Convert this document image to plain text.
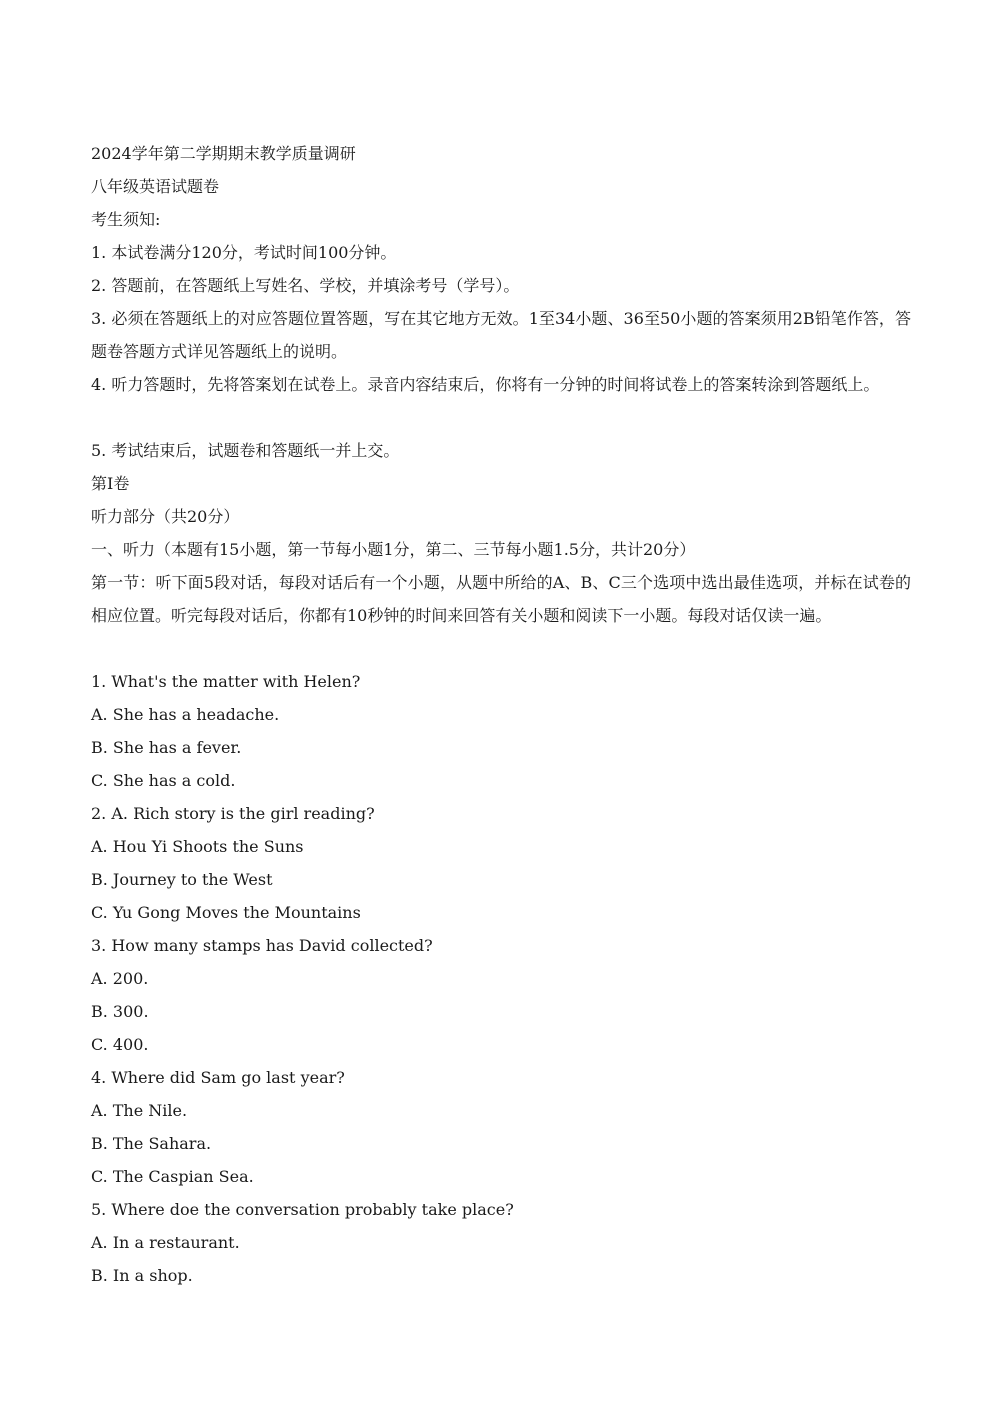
2024学年第二学期期末教学质量调研

八年级英语试题卷

考生须知:

1. 本试卷满分120分，考试时间100分钟。

2. 答题前，在答题纸上写姓名、学校，并填涂考号（学号）。

3. 必须在答题纸上的对应答题位置答题，写在其它地方无效。1至34小题、36至50小题的答案须用2B铅笔作答，答题卷答题方式详见答题纸上的说明。

4. 听力答题时，先将答案划在试卷上。录音内容结束后，你将有一分钟的时间将试卷上的答案转涂到答题纸上。

5. 考试结束后，试题卷和答题纸一并上交。

第I卷

听力部分（共20分）

一、听力（本题有15小题，第一节每小题1分，第二、三节每小题1.5分，共计20分）

第一节：听下面5段对话，每段对话后有一个小题，从题中所给的A、B、C三个选项中选出最佳选项，并标在试卷的相应位置。听完每段对话后，你都有10秒钟的时间来回答有关小题和阅读下一小题。每段对话仅读一遍。

1. What's the matter with Helen?

A. She has a headache.

B. She has a fever.

C. She has a cold.

2. A. Rich story is the girl reading?

A. Hou Yi Shoots the Suns

B. Journey to the West

C. Yu Gong Moves the Mountains

3. How many stamps has David collected?

A. 200.

B. 300.

C. 400.

4. Where did Sam go last year?

A. The Nile.

B. The Sahara.

C. The Caspian Sea.

5. Where doe the conversation probably take place?

A. In a restaurant.

B. In a shop.
